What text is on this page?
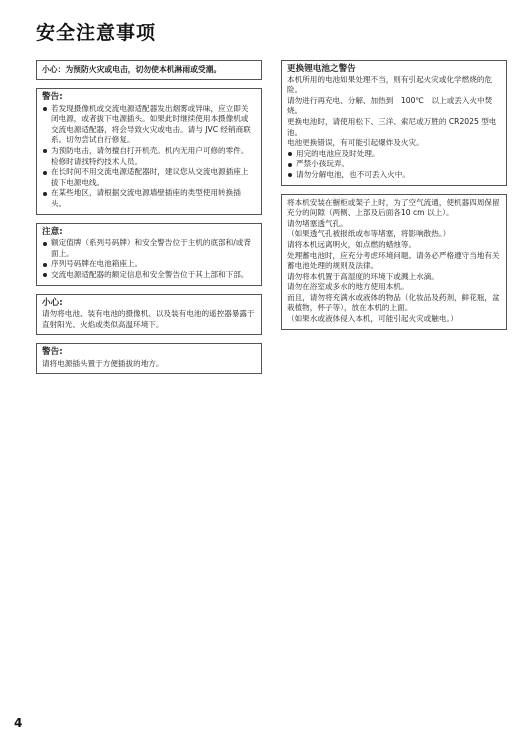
安全注意事项
小心：为预防火灾或电击，切勿使本机淋雨或受潮。
警告:
若发现摄像机或交流电源适配器发出烟雾或异味，应立即关闭电源，或者拔下电源插头。如果此时继续使用本摄像机或交流电源适配器，将会导致火灾或电击。请与 JVC 经销商联系。切勿尝试自行修复。
为预防电击，请勿擅自打开机壳。机内无用户可修的零件。检修时请找特约技术人员。
在长时间不用交流电源适配器时，建议您从交流电源插座上拔下电源电线。
在某些地区，请根据交流电源墙壁插座的类型使用转换插头。
注意:
额定值牌（系列号码牌）和安全警告位于主机的底部和/或背面上。
序列号码牌在电池箱座上。
交流电源适配器的额定信息和安全警告位于其上部和下部。
小心:

请勿将电池、装有电池的摄像机、以及装有电池的遥控器暴露于直射阳光、火焰或类似高温环境下。

警告:

请将电源插头置于方便插拔的地方。

更换锂电池之警告

本机所用的电池如果处理不当，则有引起火灾或化学燃烧的危险。

请勿进行再充电、分解、加热到　100℃　以上或丢入火中焚烧。

更换电池时，请使用松下、三洋、索尼或万胜的 CR2025 型电池。

电池更换错误，有可能引起爆炸及火灾。

用完的电池应及时处理。
严禁小孩玩弄。
请勿分解电池，也不可丢入火中。

将本机安装在橱柜或架子上时，为了空气流通，使机器四周保留充分的间隙（两侧、上部及后面各10 cm 以上）。

请勿堵塞透气孔。

（如果透气孔被报纸或布等堵塞，将影响散热。）

请将本机远离明火，如点燃的蜡烛等。

处理蓄电池时，应充分考虑环境问题。请务必严格遵守当地有关蓄电池处理的规则及法律。

请勿将本机置于高湿度的环境下或溅上水滴。

请勿在浴室或多水的地方使用本机。

而且，请勿将充满水或液体的物品（化妆品及药剂，鲜花瓶，盆栽植物，杯子等），放在本机的上面。

（如果水或液体侵入本机，可能引起火灾或触电。）

4
